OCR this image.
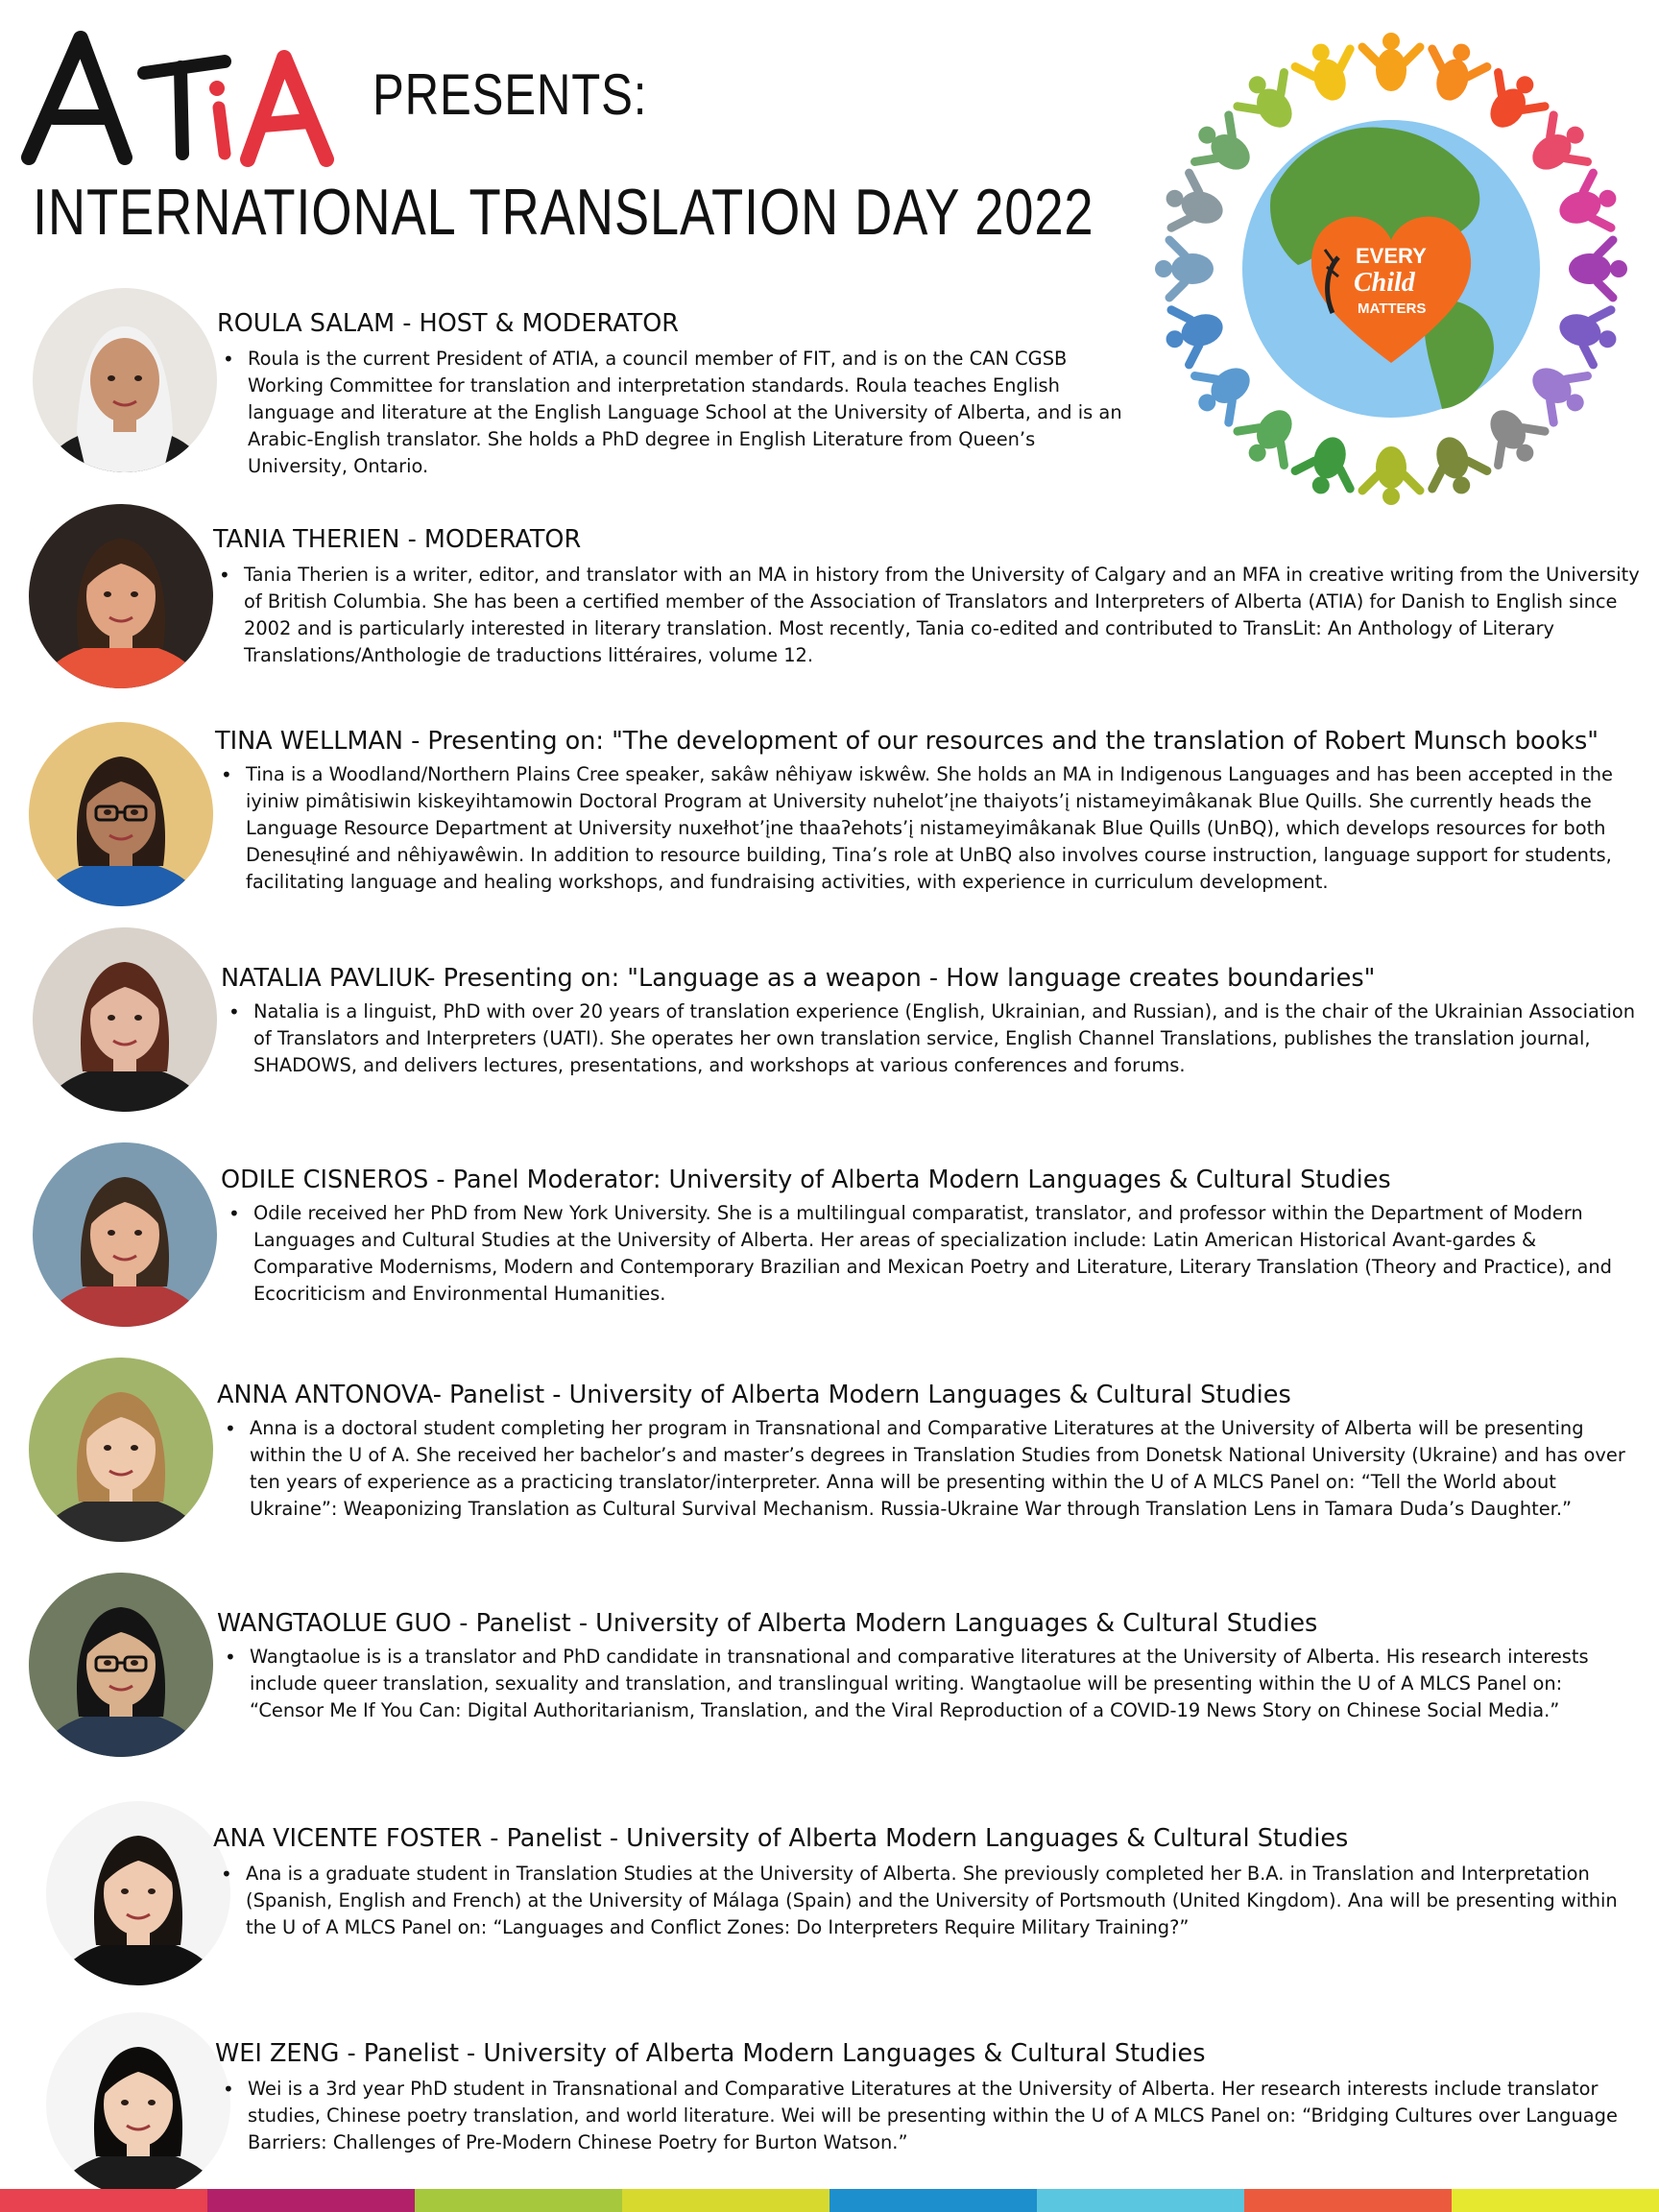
PRESENTS:
INTERNATIONAL TRANSLATION DAY 2022
EVERY
Child
MATTERS
ROULA SALAM - HOST & MODERATOR
• Roula is the current President of ATIA, a council member of FIT, and is on the CAN CGSB Working Committee for translation and interpretation standards. Roula teaches English language and literature at the English Language School at the University of Alberta, and is an Arabic-English translator. She holds a PhD degree in English Literature from Queen’s University, Ontario.
TANIA THERIEN - MODERATOR
• Tania Therien is a writer, editor, and translator with an MA in history from the University of Calgary and an MFA in creative writing from the University of British Columbia. She has been a certified member of the Association of Translators and Interpreters of Alberta (ATIA) for Danish to English since 2002 and is particularly interested in literary translation. Most recently, Tania co-edited and contributed to TransLit: An Anthology of Literary Translations/Anthologie de traductions littéraires, volume 12.
TINA WELLMAN - Presenting on: "The development of our resources and the translation of Robert Munsch books"
• Tina is a Woodland/Northern Plains Cree speaker, sakâw nêhiyaw iskwêw. She holds an MA in Indigenous Languages and has been accepted in the iyiniw pimâtisiwin kiskeyihtamowin Doctoral Program at University nuhelot’įne thaiyots’į nistameyimâkanak Blue Quills. She currently heads the Language Resource Department at University nuxełhot’įne thaaʔehots’į nistameyimâkanak Blue Quills (UnBQ), which develops resources for both Denesųłiné and nêhiyawêwin. In addition to resource building, Tina’s role at UnBQ also involves course instruction, language support for students, facilitating language and healing workshops, and fundraising activities, with experience in curriculum development.
NATALIA PAVLIUK- Presenting on: "Language as a weapon - How language creates boundaries"
• Natalia is a linguist, PhD with over 20 years of translation experience (English, Ukrainian, and Russian), and is the chair of the Ukrainian Association of Translators and Interpreters (UATI). She operates her own translation service, English Channel Translations, publishes the translation journal, SHADOWS, and delivers lectures, presentations, and workshops at various conferences and forums.
ODILE CISNEROS - Panel Moderator: University of Alberta Modern Languages & Cultural Studies
• Odile received her PhD from New York University. She is a multilingual comparatist, translator, and professor within the Department of Modern Languages and Cultural Studies at the University of Alberta. Her areas of specialization include: Latin American Historical Avant-gardes & Comparative Modernisms, Modern and Contemporary Brazilian and Mexican Poetry and Literature, Literary Translation (Theory and Practice), and Ecocriticism and Environmental Humanities.
ANNA ANTONOVA- Panelist - University of Alberta Modern Languages & Cultural Studies
• Anna is a doctoral student completing her program in Transnational and Comparative Literatures at the University of Alberta will be presenting within the U of A. She received her bachelor’s and master’s degrees in Translation Studies from Donetsk National University (Ukraine) and has over ten years of experience as a practicing translator/interpreter. Anna will be presenting within the U of A MLCS Panel on: “Tell the World about Ukraine”: Weaponizing Translation as Cultural Survival Mechanism. Russia-Ukraine War through Translation Lens in Tamara Duda’s Daughter.”
WANGTAOLUE GUO - Panelist - University of Alberta Modern Languages & Cultural Studies
• Wangtaolue is is a translator and PhD candidate in transnational and comparative literatures at the University of Alberta. His research interests include queer translation, sexuality and translation, and translingual writing. Wangtaolue will be presenting within the U of A MLCS Panel on: “Censor Me If You Can: Digital Authoritarianism, Translation, and the Viral Reproduction of a COVID-19 News Story on Chinese Social Media.”
ANA VICENTE FOSTER - Panelist - University of Alberta Modern Languages & Cultural Studies
• Ana is a graduate student in Translation Studies at the University of Alberta. She previously completed her B.A. in Translation and Interpretation (Spanish, English and French) at the University of Málaga (Spain) and the University of Portsmouth (United Kingdom). Ana will be presenting within the U of A MLCS Panel on: “Languages and Conflict Zones: Do Interpreters Require Military Training?”
WEI ZENG - Panelist - University of Alberta Modern Languages & Cultural Studies
• Wei is a 3rd year PhD student in Transnational and Comparative Literatures at the University of Alberta. Her research interests include translator studies, Chinese poetry translation, and world literature. Wei will be presenting within the U of A MLCS Panel on: “Bridging Cultures over Language Barriers: Challenges of Pre-Modern Chinese Poetry for Burton Watson.”
